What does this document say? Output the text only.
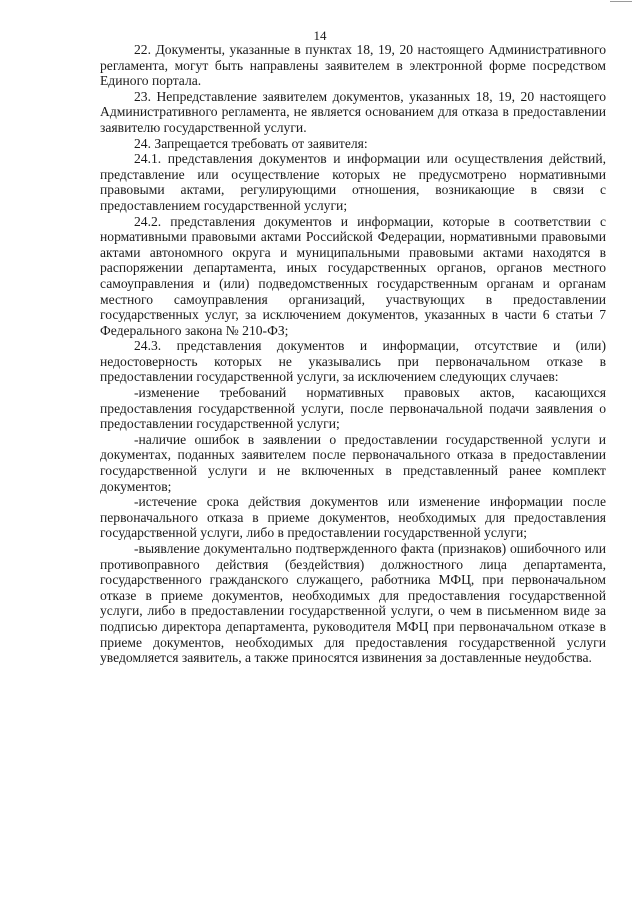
14

22. Документы, указанные в пунктах 18, 19, 20 настоящего Административного регламента, могут быть направлены заявителем в электронной форме посредством Единого портала.

23. Непредставление заявителем документов, указанных 18, 19, 20 настоящего Административного регламента, не является основанием для отказа в предоставлении заявителю государственной услуги.

24. Запрещается требовать от заявителя:

24.1. представления документов и информации или осуществления действий, представление или осуществление которых не предусмотрено нормативными правовыми актами, регулирующими отношения, возникающие в связи с предоставлением государственной услуги;

24.2. представления документов и информации, которые в соответствии с нормативными правовыми актами Российской Федерации, нормативными правовыми актами автономного округа и муниципальными правовыми актами находятся в распоряжении департамента, иных государственных органов, органов местного самоуправления и (или) подведомственных государственным органам и органам местного самоуправления организаций, участвующих в предоставлении государственных услуг, за исключением документов, указанных в части 6 статьи 7 Федерального закона № 210-ФЗ;

24.3. представления документов и информации, отсутствие и (или) недостоверность которых не указывались при первоначальном отказе в предоставлении государственной услуги, за исключением следующих случаев:

-изменение требований нормативных правовых актов, касающихся предоставления государственной услуги, после первоначальной подачи заявления о предоставлении государственной услуги;

-наличие ошибок в заявлении о предоставлении государственной услуги и документах, поданных заявителем после первоначального отказа в предоставлении государственной услуги и не включенных в представленный ранее комплект документов;

-истечение срока действия документов или изменение информации после первоначального отказа в приеме документов, необходимых для предоставления государственной услуги, либо в предоставлении государственной услуги;

-выявление документально подтвержденного факта (признаков) ошибочного или противоправного действия (бездействия) должностного лица департамента, государственного гражданского служащего, работника МФЦ, при первоначальном отказе в приеме документов, необходимых для предоставления государственной услуги, либо в предоставлении государственной услуги, о чем в письменном виде за подписью директора департамента, руководителя МФЦ при первоначальном отказе в приеме документов, необходимых для предоставления государственной услуги уведомляется заявитель, а также приносятся извинения за доставленные неудобства.
